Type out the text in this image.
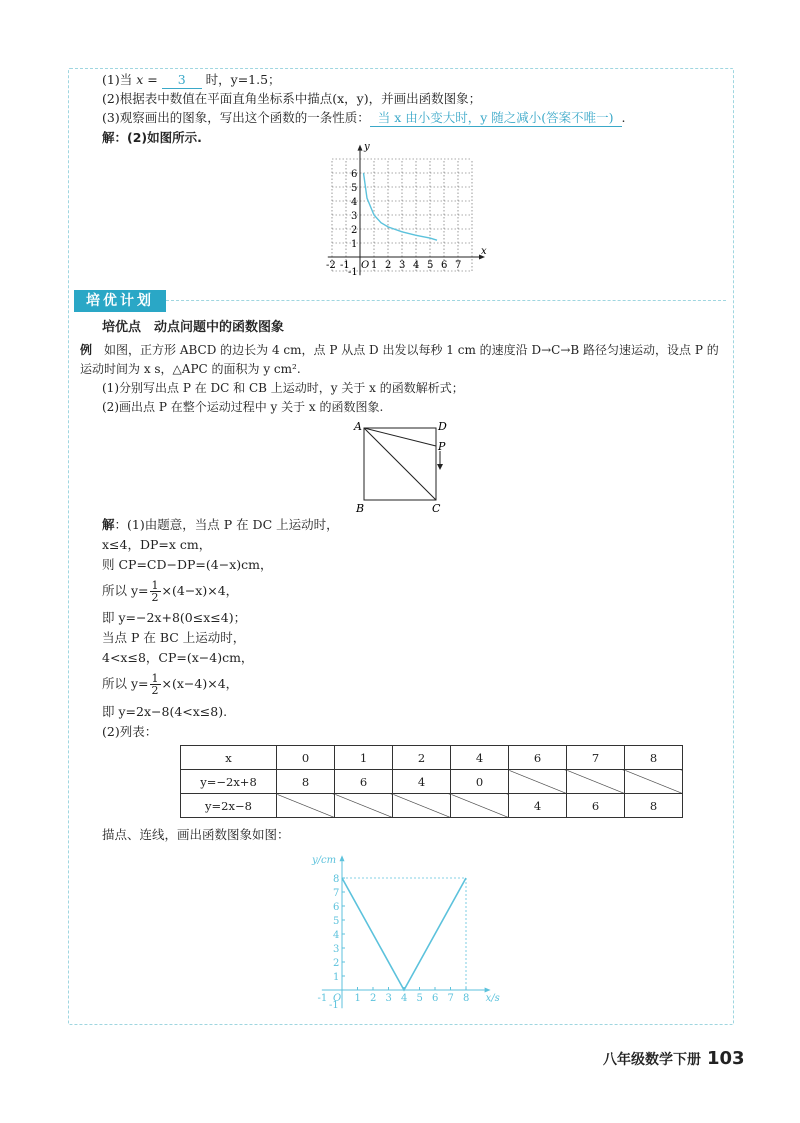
(1)当 x = 3 时，y=1.5；
(2)根据表中数值在平面直角坐标系中描点(x，y)，并画出函数图象；
(3)观察画出的图象，写出这个函数的一条性质： 当 x 由小变大时，y 随之减小(答案不唯一) .
解：(2)如图所示.
x
y
O
-2 -1 1 2 3 4 5 6 7
6
5
4
3
2
1
-1
培优计划
培优点　动点问题中的函数图象
例　如图，正方形 ABCD 的边长为 4 cm，点 P 从点 D 出发以每秒 1 cm 的速度沿 D→C→B 路径匀速运动，设点 P 的
运动时间为 x s，△APC 的面积为 y cm².
(1)分别写出点 P 在 DC 和 CB 上运动时，y 关于 x 的函数解析式；
(2)画出点 P 在整个运动过程中 y 关于 x 的函数图象.
A	D
P
B	C
解：(1)由题意，当点 P 在 DC 上运动时，
x≤4，DP=x cm，
则 CP=CD−DP=(4−x)cm，
所以 $y= \frac{1}{2} \times(4-x)\times 4$，
即 y=−2x+8(0≤x≤4)；
当点 P 在 BC 上运动时，
4<x≤8，CP=(x−4)cm，
所以 $y= \frac{1}{2} \times(x-4)\times 4$，
即 y=2x−8(4<x≤8).
(2)列表：
x	0	1	2	4	6	7	8
y=−2x+8	8	6	4	0			
y=2x−8					4	6	8
描点、连线，画出函数图象如图：
y/cm
x/s
O
-1	1 2 3 4 5 6 7 8
8
7
6
5
4
3
2
1
-1
八年级数学下册 103
